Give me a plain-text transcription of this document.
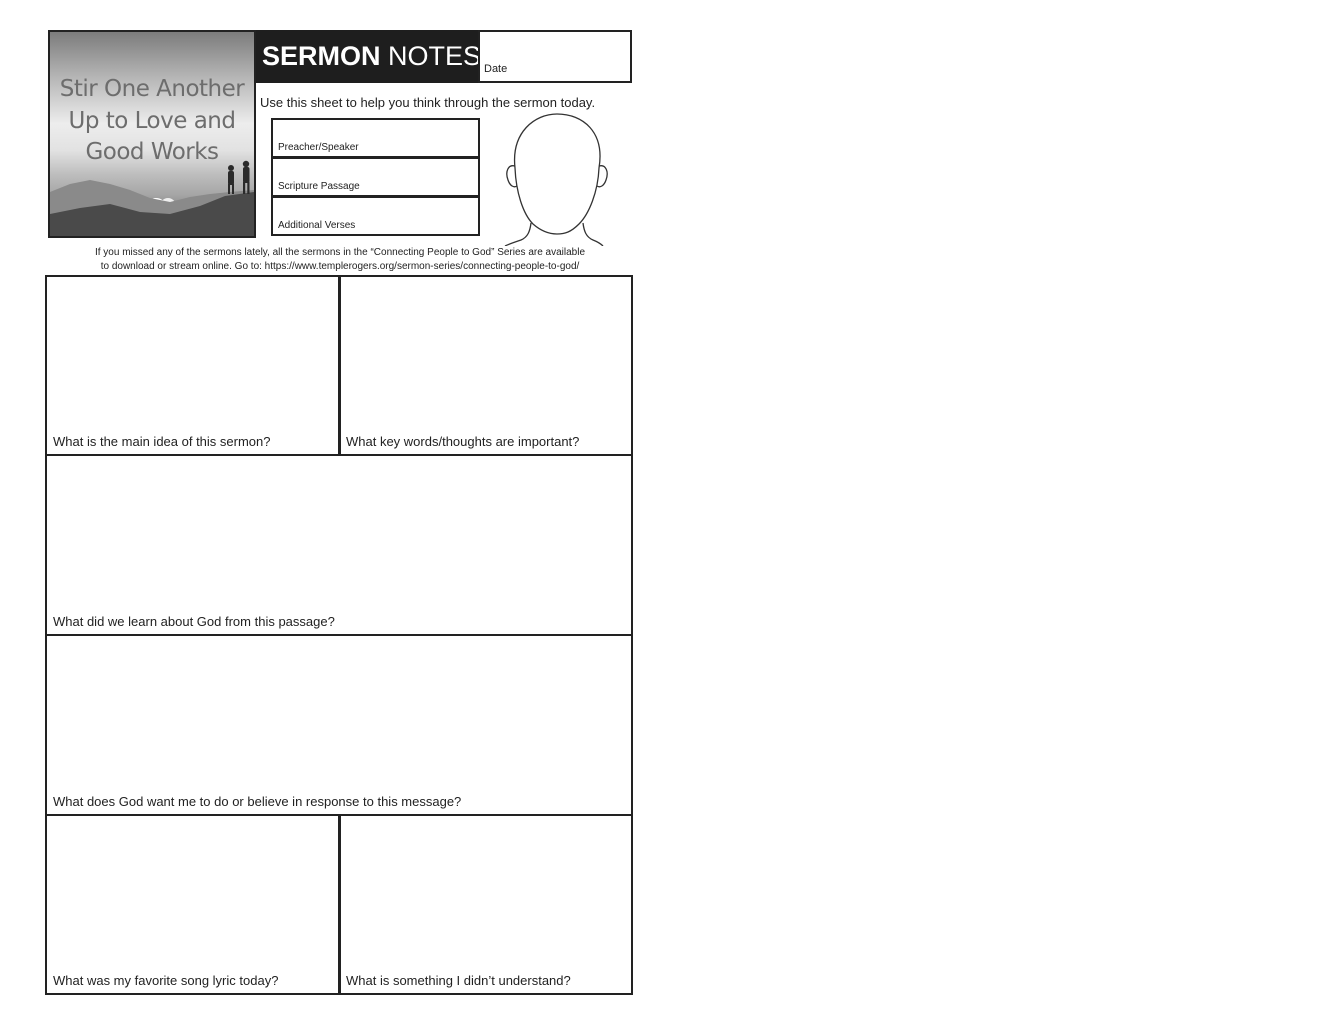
Stir One Another
Up to Love and
Good Works
SERMON
NOTES Date
Use this sheet to help you think through the sermon today.
Preacher/Speaker
Scripture Passage
Additional Verses
If you missed any of the sermons lately, all the sermons in the “Connecting People to God” Series are available
to download or stream online. Go to: https://www.templerogers.org/sermon-series/connecting-people-to-god/
What is the main idea of this sermon?	What key words/thoughts are important?
What did we learn about God from this passage?
What does God want me to do or believe in response to this message?
What was my favorite song lyric today?	What is something I didn’t understand?
